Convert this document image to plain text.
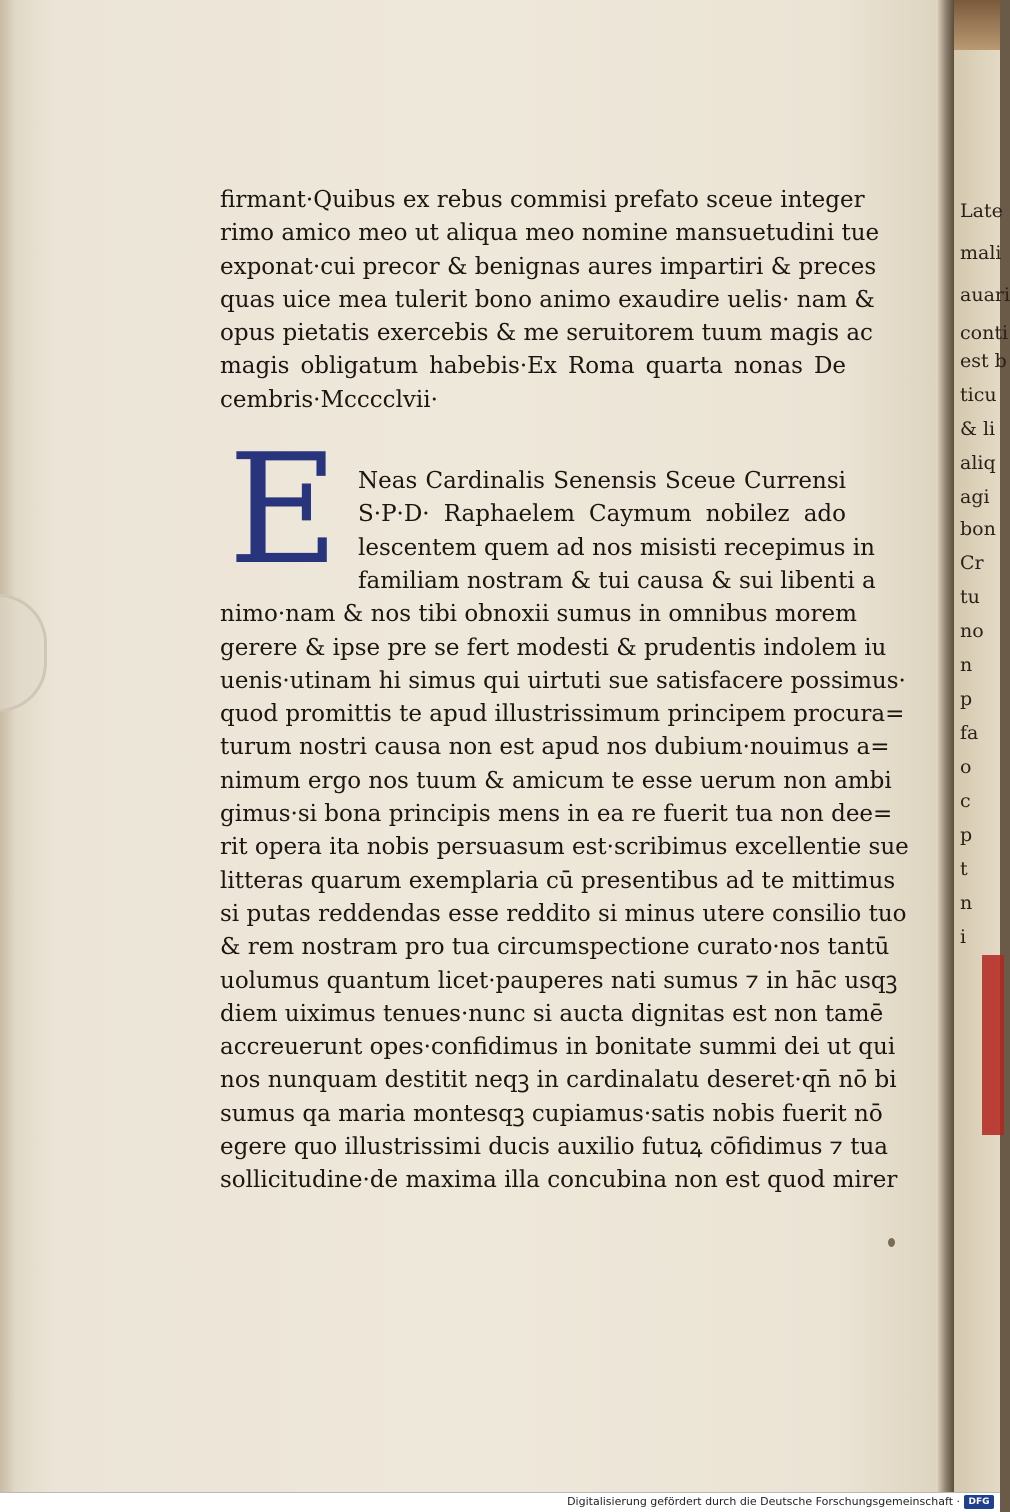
Late
mali
auari
conti
est b
ticu
& li
aliq
agi
bon
Cr
tu
no
n
p
fa
o
c
p
t
n
i
E
firmant·Quibus ex rebus commisi prefato sceue integer
rimo amico meo ut aliqua meo nomine mansuetudini tue
exponat·cui precor & benignas aures impartiri & preces
quas uice mea tulerit bono animo exaudire uelis· nam &
opus pietatis exercebis & me seruitorem tuum magis ac
magis obligatum habebis·Ex Roma quarta nonas De
cembris·Mcccclvii·
Neas Cardinalis Senensis Sceue Currensi
S·P·D· Raphaelem Caymum nobilez ado
lescentem quem ad nos misisti recepimus in
familiam nostram & tui causa & sui libenti a
nimo·nam & nos tibi obnoxii sumus in omnibus morem
gerere & ipse pre se fert modesti & prudentis indolem iu
uenis·utinam hi simus qui uirtuti sue satisfacere possimus·
quod promittis te apud illustrissimum principem procura=
turum nostri causa non est apud nos dubium·nouimus a=
nimum ergo nos tuum & amicum te esse uerum non ambi
gimus·si bona principis mens in ea re fuerit tua non dee=
rit opera ita nobis persuasum est·scribimus excellentie sue
litteras quarum exemplaria cū presentibus ad te mittimus
si putas reddendas esse reddito si minus utere consilio tuo
& rem nostram pro tua circumspectione curato·nos tantū
uolumus quantum licet·pauperes nati sumus ⁊ in hāc usqꝫ
diem uiximus tenues·nunc si aucta dignitas est non tamē
accreuerunt opes·confidimus in bonitate summi dei ut qui
nos nunquam destitit neqꝫ in cardinalatu deseret·qn̄ nō bi
sumus qa maria montesqꝫ cupiamus·satis nobis fuerit nō
egere quo illustrissimi ducis auxilio futuꝝ cōfidimus ⁊ tua
sollicitudine·de maxima illa concubina non est quod mirer
Digitalisierung gefördert durch die Deutsche Forschungsgemeinschaft · DFG
